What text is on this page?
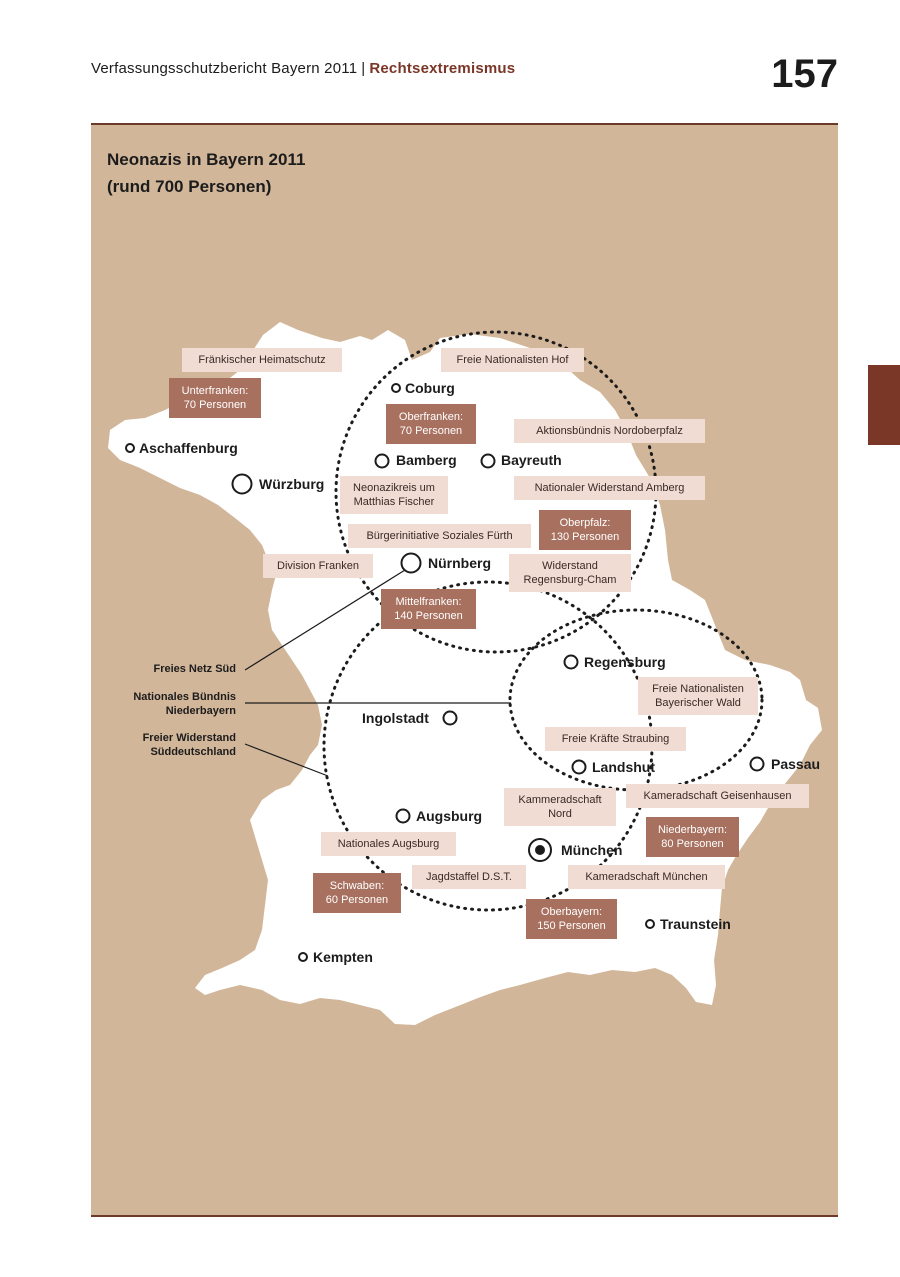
Verfassungsschutzbericht Bayern 2011 | Rechtsextremismus	157
Neonazis in Bayern 2011
(rund 700 Personen)
Coburg
Aschaffenburg
Würzburg
Bamberg	Bayreuth
Nürnberg
Regensburg
Ingolstadt
Landshut	Passau
Augsburg
München
Traunstein
Kempten
Fränkischer Heimatschutz	Freie Nationalisten Hof
Aktionsbündnis Nordoberpfalz
Neonazikreis um
Matthias Fischer
Nationaler Widerstand Amberg
Bürgerinitiative Soziales Fürth
Division Franken	Widerstand
Regensburg-Cham
Freie Nationalisten
Bayerischer Wald
Freie Kräfte Straubing
Kammeradschaft
Nord
Kameradschaft Geisenhausen
Nationales Augsburg
Jagdstaffel D.S.T.	Kameradschaft München
Unterfranken:
70 Personen
Oberfranken:
70 Personen
Oberpfalz:
130 Personen
Mittelfranken:
140 Personen
Niederbayern:
80 Personen
Schwaben:
60 Personen
Oberbayern:
150 Personen
Freies Netz Süd
Nationales Bündnis
Niederbayern
Freier Widerstand
Süddeutschland
